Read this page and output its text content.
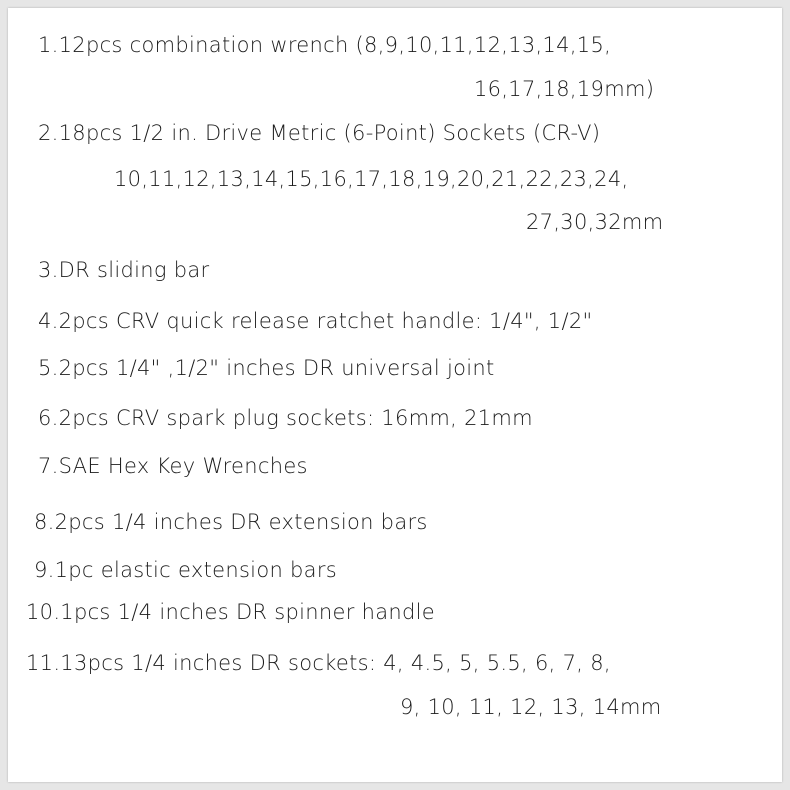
1.12pcs combination wrench (8,9,10,11,12,13,14,15,
16,17,18,19mm)
2.18pcs 1/2 in. Drive Metric (6-Point) Sockets (CR-V)
10,11,12,13,14,15,16,17,18,19,20,21,22,23,24,
27,30,32mm
3.DR sliding bar
4.2pcs CRV quick release ratchet handle: 1/4", 1/2"
5.2pcs 1/4" ,1/2" inches DR universal joint
6.2pcs CRV spark plug sockets: 16mm, 21mm
7.SAE Hex Key Wrenches
8.2pcs 1/4 inches DR extension bars
9.1pc elastic extension bars
10.1pcs 1/4 inches DR spinner handle
11.13pcs 1/4 inches DR sockets: 4, 4.5, 5, 5.5, 6, 7, 8,
9, 10, 11, 12, 13, 14mm
